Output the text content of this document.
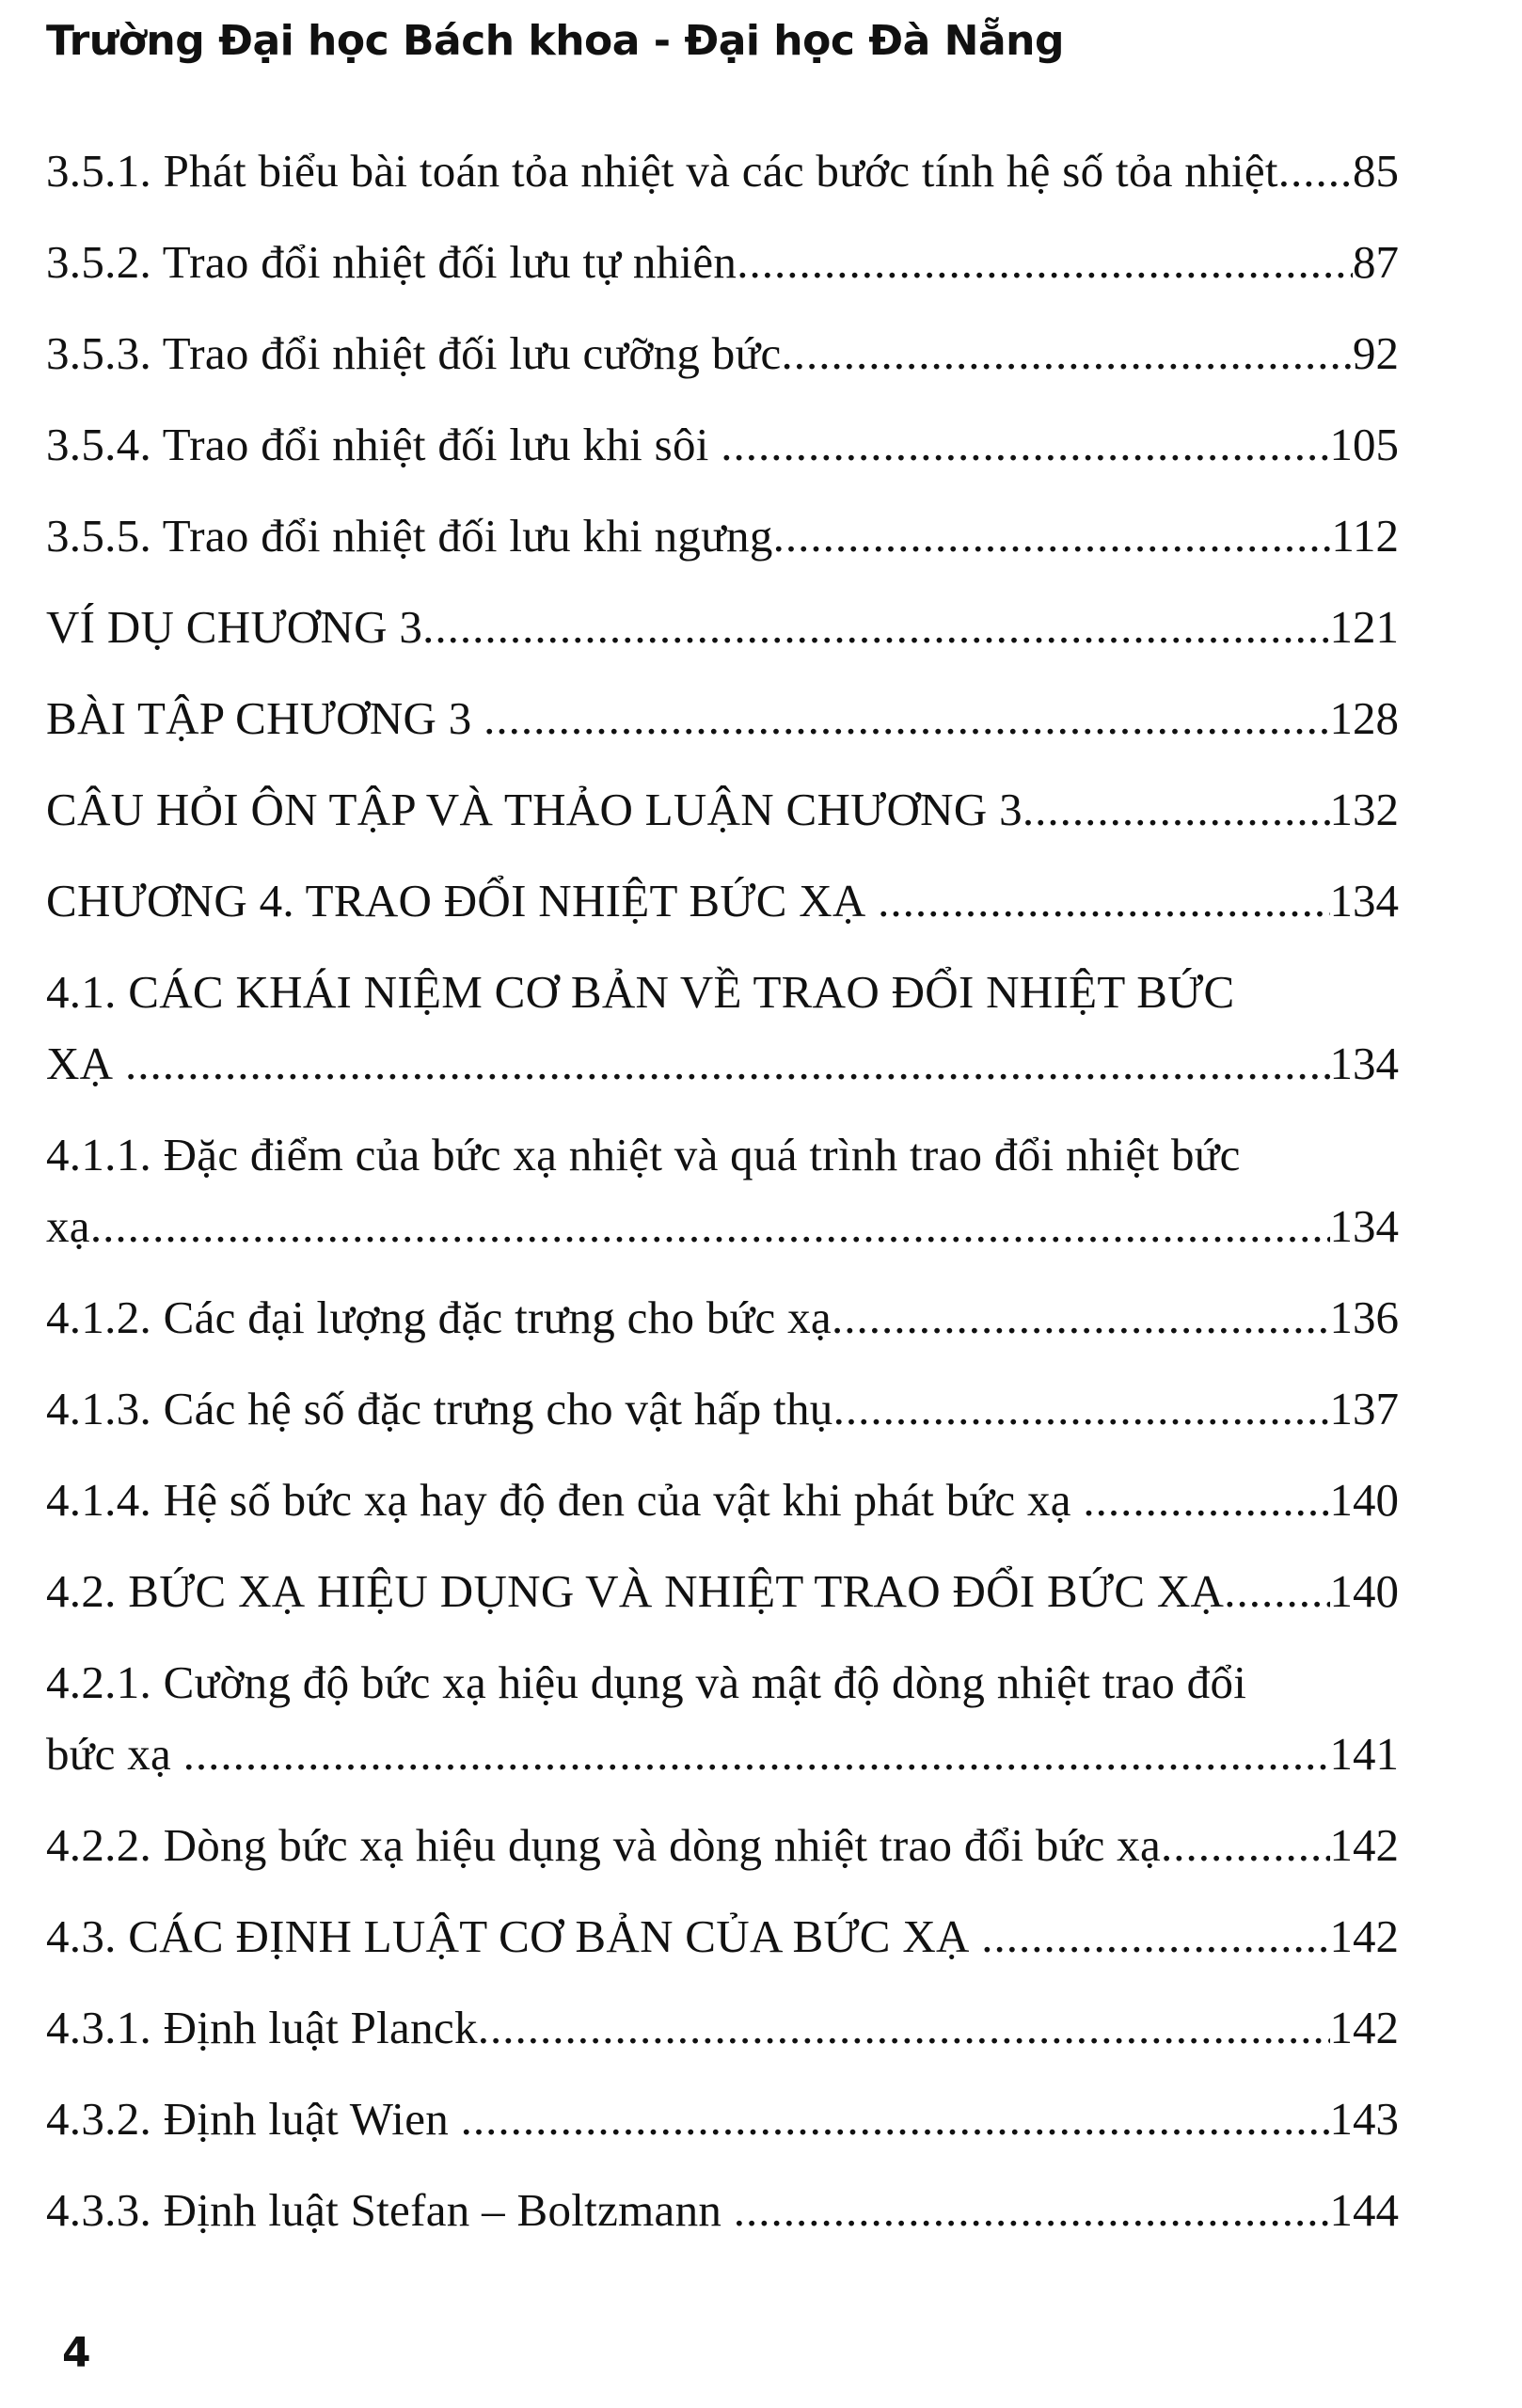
Trường Đại học Bách khoa - Đại học Đà Nẵng
3.5.1. Phát biểu bài toán tỏa nhiệt và các bước tính hệ số tỏa nhiệt ..... 85
3.5.2. Trao đổi nhiệt đối lưu tự nhiên .....	87
3.5.3. Trao đổi nhiệt đối lưu cưỡng bức .....	92
3.5.4. Trao đổi nhiệt đối lưu khi sôi .....	105
3.5.5. Trao đổi nhiệt đối lưu khi ngưng .....	112
VÍ DỤ CHƯƠNG 3 .....	121
BÀI TẬP CHƯƠNG 3 .....	128
CÂU HỎI ÔN TẬP VÀ THẢO LUẬN CHƯƠNG 3 .....	132
CHƯƠNG 4. TRAO ĐỔI NHIỆT BỨC XẠ .....	134
4.1. CÁC KHÁI NIỆM CƠ BẢN VỀ TRAO ĐỔI NHIỆT BỨC
XẠ .....	134
4.1.1. Đặc điểm của bức xạ nhiệt và quá trình trao đổi nhiệt bức
xạ .....	134
4.1.2. Các đại lượng đặc trưng cho bức xạ .....	136
4.1.3. Các hệ số đặc trưng cho vật hấp thụ .....	137
4.1.4. Hệ số bức xạ hay độ đen của vật khi phát bức xạ .....	140
4.2. BỨC XẠ HIỆU DỤNG VÀ NHIỆT TRAO ĐỔI BỨC XẠ ..... 140
4.2.1. Cường độ bức xạ hiệu dụng và mật độ dòng nhiệt trao đổi
bức xạ .....	141
4.2.2. Dòng bức xạ hiệu dụng và dòng nhiệt trao đổi bức xạ .....	142
4.3. CÁC ĐỊNH LUẬT CƠ BẢN CỦA BỨC XẠ .....	142
4.3.1. Định luật Planck .....	142
4.3.2. Định luật Wien .....	143
4.3.3. Định luật Stefan – Boltzmann .....	144
4
